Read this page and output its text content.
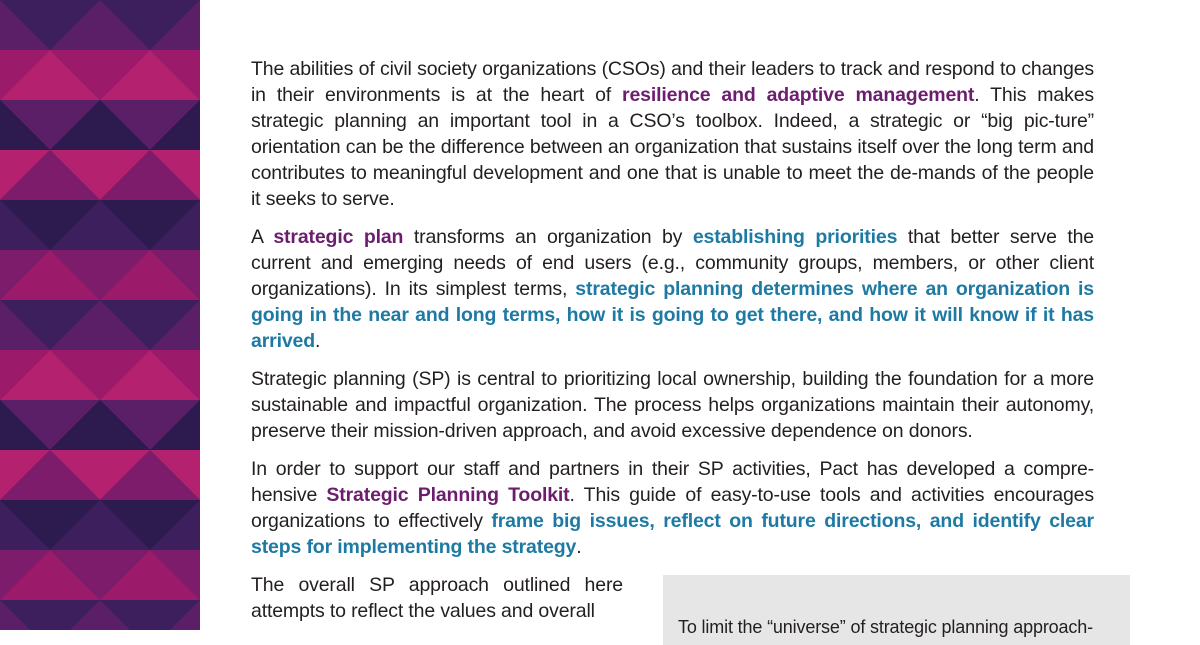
The abilities of civil society organizations (CSOs) and their leaders to track and respond to changes in their environments is at the heart of resilience and adaptive management. This makes strategic planning an important tool in a CSO’s toolbox. Indeed, a strategic or “big pic-ture” orientation can be the difference between an organization that sustains itself over the long term and contributes to meaningful development and one that is unable to meet the de-mands of the people it seeks to serve.

A strategic plan transforms an organization by establishing priorities that better serve the current and emerging needs of end users (e.g., community groups, members, or other client organizations). In its simplest terms, strategic planning determines where an organization is going in the near and long terms, how it is going to get there, and how it will know if it has arrived.

Strategic planning (SP) is central to prioritizing local ownership, building the foundation for a more sustainable and impactful organization. The process helps organizations maintain their autonomy, preserve their mission-driven approach, and avoid excessive dependence on donors.

In order to support our staff and partners in their SP activities, Pact has developed a compre-hensive Strategic Planning Toolkit. This guide of easy-to-use tools and activities encourages organizations to effectively frame big issues, reflect on future directions, and identify clear steps for implementing the strategy.

The overall SP approach outlined here attempts to reflect the values and overall

To limit the “universe” of strategic planning approach-
